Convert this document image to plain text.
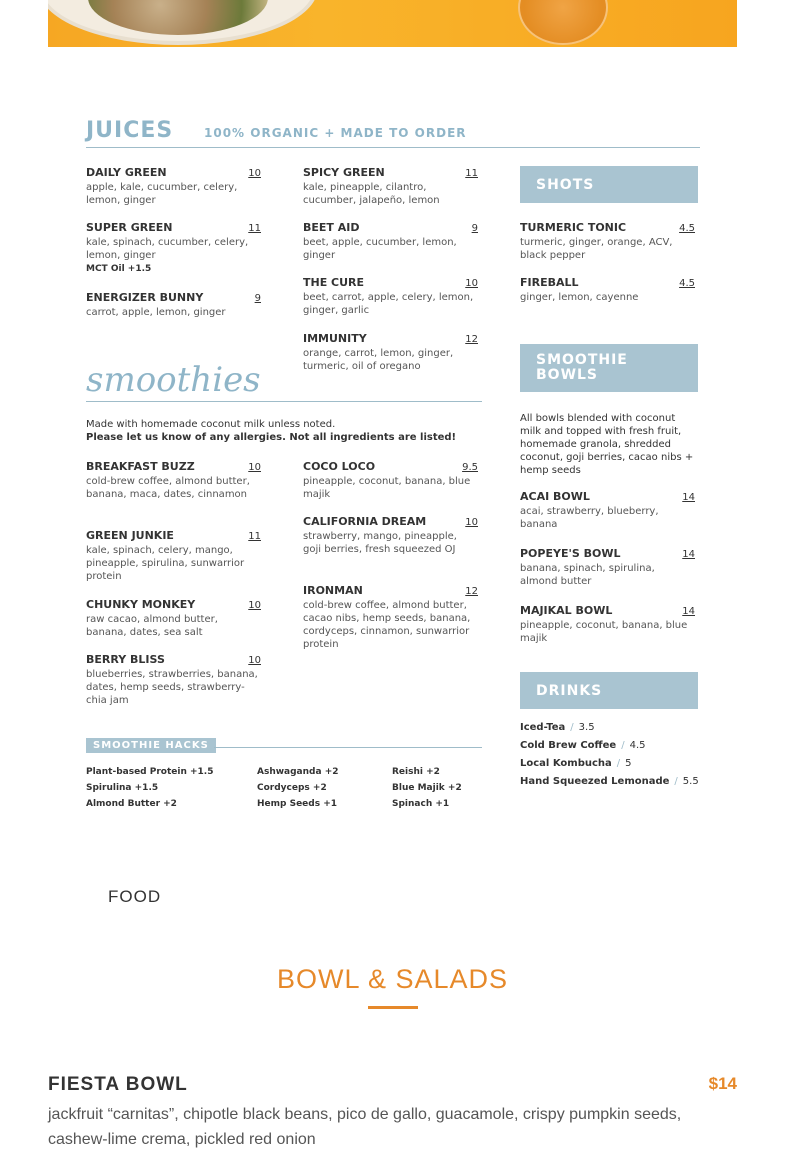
JUICES	100% ORGANIC + MADE TO ORDER
DAILY GREEN	10
apple, kale, cucumber, celery, lemon, ginger
SUPER GREEN	11
kale, spinach, cucumber, celery, lemon, ginger
MCT Oil +1.5
ENERGIZER BUNNY	9
carrot, apple, lemon, ginger
SPICY GREEN	11
kale, pineapple, cilantro, cucumber, jalapeño, lemon
BEET AID	9
beet, apple, cucumber, lemon, ginger
THE CURE	10
beet, carrot, apple, celery, lemon, ginger, garlic
IMMUNITY	12
orange, carrot, lemon, ginger, turmeric, oil of oregano
SHOTS
TURMERIC TONIC	4.5
turmeric, ginger, orange, ACV, black pepper
FIREBALL	4.5
ginger, lemon, cayenne
smoothies
Made with homemade coconut milk unless noted.
Please let us know of any allergies. Not all ingredients are listed!
BREAKFAST BUZZ	10
cold-brew coffee, almond butter, banana, maca, dates, cinnamon
GREEN JUNKIE	11
kale, spinach, celery, mango, pineapple, spirulina, sunwarrior protein
CHUNKY MONKEY	10
raw cacao, almond butter, banana, dates, sea salt
BERRY BLISS	10
blueberries, strawberries, banana, dates, hemp seeds, strawberry-chia jam
COCO LOCO	9.5
pineapple, coconut, banana, blue majik
CALIFORNIA DREAM	10
strawberry, mango, pineapple, goji berries, fresh squeezed OJ
IRONMAN	12
cold-brew coffee, almond butter, cacao nibs, hemp seeds, banana, cordyceps, cinnamon, sunwarrior protein
SMOOTHIE
BOWLS
All bowls blended with coconut milk and topped with fresh fruit, homemade granola, shredded coconut, goji berries, cacao nibs + hemp seeds
ACAI BOWL	14
acai, strawberry, blueberry, banana
POPEYE'S BOWL	14
banana, spinach, spirulina, almond butter
MAJIKAL BOWL	14
pineapple, coconut, banana, blue majik
DRINKS
Iced-Tea / 3.5
Cold Brew Coffee / 4.5
Local Kombucha / 5
Hand Squeezed Lemonade / 5.5
SMOOTHIE HACKS
Plant-based Protein +1.5
Spirulina +1.5
Almond Butter +2
Ashwaganda +2
Cordyceps +2
Hemp Seeds +1
Reishi +2
Blue Majik +2
Spinach +1
FOOD
BOWL & SALADS
FIESTA BOWL	$14
jackfruit “carnitas”, chipotle black beans, pico de gallo, guacamole, crispy pumpkin seeds, cashew-lime crema, pickled red onion
